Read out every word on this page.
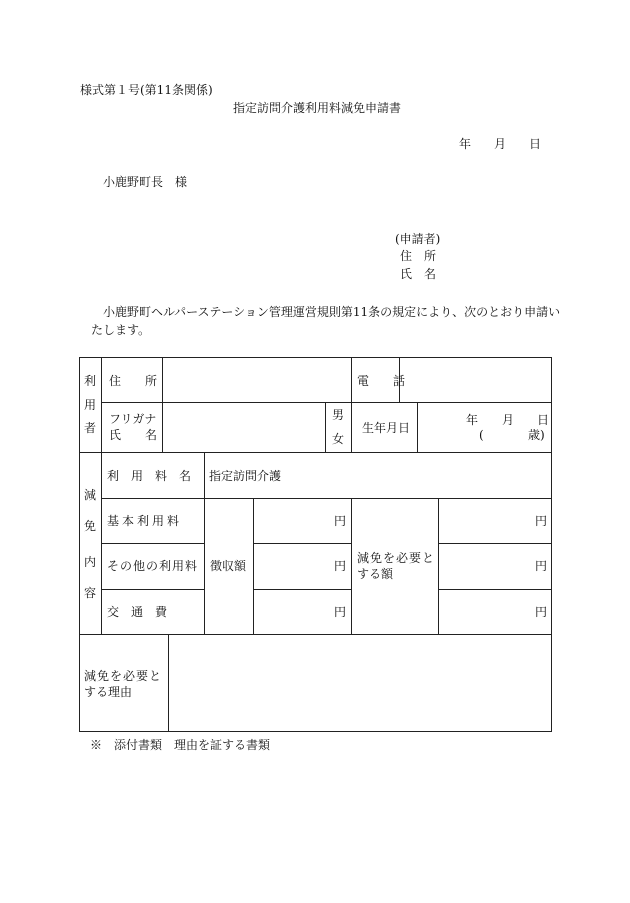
様式第１号(第11条関係)
指定訪問介護利用料減免申請書
年 月 日
小鹿野町長　様
(申請者)
住　所
氏　名
小鹿野町ヘルパーステーション管理運営規則第11条の規定により、次のとおり申請い
たします。
利
用
者
住　所	電　話
フリガナ
氏　名
男
女
生年月日
年 月 日
(	歳)
減
免
内
容
利　用　料　名 指定訪問介護
基本利用料
その他の利用料
交　通　費
徴収額
円
円
円
減免を必要と
する額
円
円
円
減免を必要と
する理由
※　添付書類　理由を証する書類
